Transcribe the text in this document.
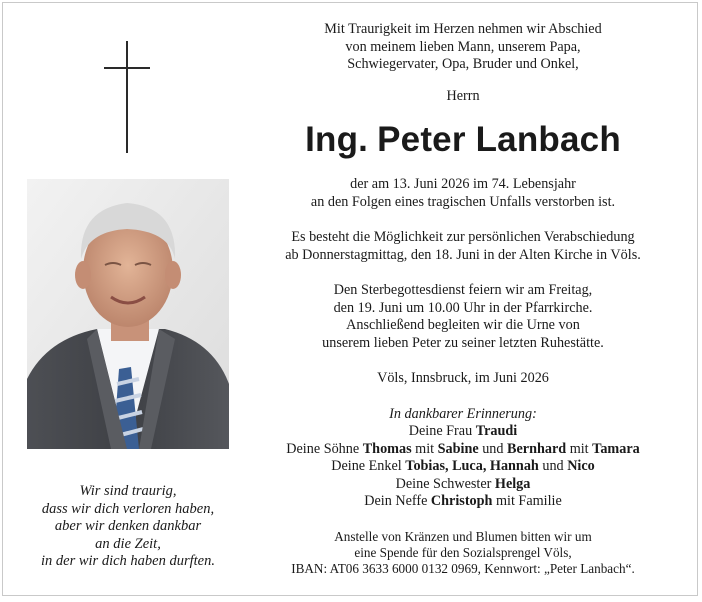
Wir sind traurig,
dass wir dich verloren haben,
aber wir denken dankbar
an die Zeit,
in der wir dich haben durften.

Mit Traurigkeit im Herzen nehmen wir Abschied

von meinem lieben Mann, unserem Papa,

Schwiegervater, Opa, Bruder und Onkel,

Herrn

Ing. Peter Lanbach

der am 13. Juni 2026 im 74. Lebensjahr

an den Folgen eines tragischen Unfalls verstorben ist.

Es besteht die Möglichkeit zur persönlichen Verabschiedung

ab Donnerstagmittag, den 18. Juni in der Alten Kirche in Völs.

Den Sterbegottesdienst feiern wir am Freitag,

den 19. Juni um 10.00 Uhr in der Pfarrkirche.

Anschließend begleiten wir die Urne von

unserem lieben Peter zu seiner letzten Ruhestätte.

Völs, Innsbruck, im Juni 2026

In dankbarer Erinnerung:

Deine Frau Traudi

Deine Söhne Thomas mit Sabine und Bernhard mit Tamara

Deine Enkel Tobias, Luca, Hannah und Nico

Deine Schwester Helga

Dein Neffe Christoph mit Familie

Anstelle von Kränzen und Blumen bitten wir um

eine Spende für den Sozialsprengel Völs,

IBAN: AT06 3633 6000 0132 0969, Kennwort: „Peter Lanbach“.
